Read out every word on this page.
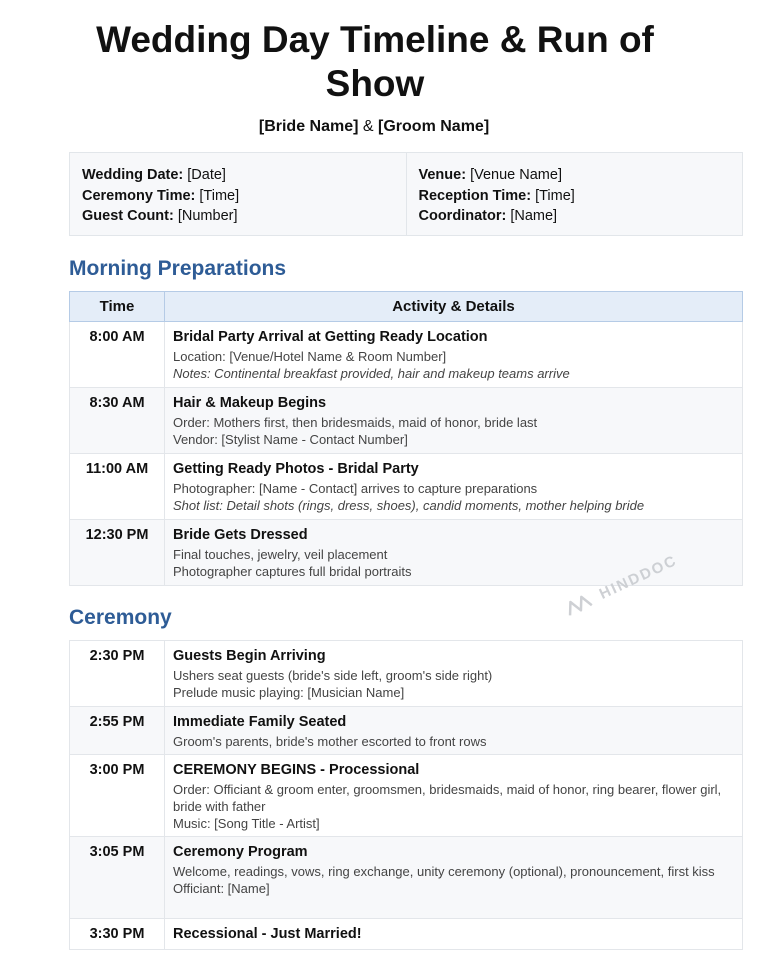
Wedding Day Timeline & Run of Show
[Bride Name] & [Groom Name]
Wedding Date: [Date]
Ceremony Time: [Time]
Guest Count: [Number]
Venue: [Venue Name]
Reception Time: [Time]
Coordinator: [Name]
Morning Preparations
Time	Activity & Details
8:00 AM	Bridal Party Arrival at Getting Ready Location
Location: [Venue/Hotel Name & Room Number]
Notes: Continental breakfast provided, hair and makeup teams arrive

8:30 AM	Hair & Makeup Begins
Order: Mothers first, then bridesmaids, maid of honor, bride last
Vendor: [Stylist Name - Contact Number]

11:00 AM	Getting Ready Photos - Bridal Party
Photographer: [Name - Contact] arrives to capture preparations
Shot list: Detail shots (rings, dress, shoes), candid moments, mother helping bride

12:30 PM	Bride Gets Dressed
Final touches, jewelry, veil placement
Photographer captures full bridal portraits	HINDDOC
Ceremony
2:30 PM	Guests Begin Arriving
Ushers seat guests (bride's side left, groom's side right)
Prelude music playing: [Musician Name]

2:55 PM	Immediate Family Seated
Groom's parents, bride's mother escorted to front rows

3:00 PM	CEREMONY BEGINS - Processional
Order: Officiant & groom enter, groomsmen, bridesmaids, maid of honor, ring bearer, flower girl, bride with father
Music: [Song Title - Artist]

3:05 PM	Ceremony Program
Welcome, readings, vows, ring exchange, unity ceremony (optional), pronouncement, first kiss
Officiant: [Name]

3:30 PM	Recessional - Just Married!
